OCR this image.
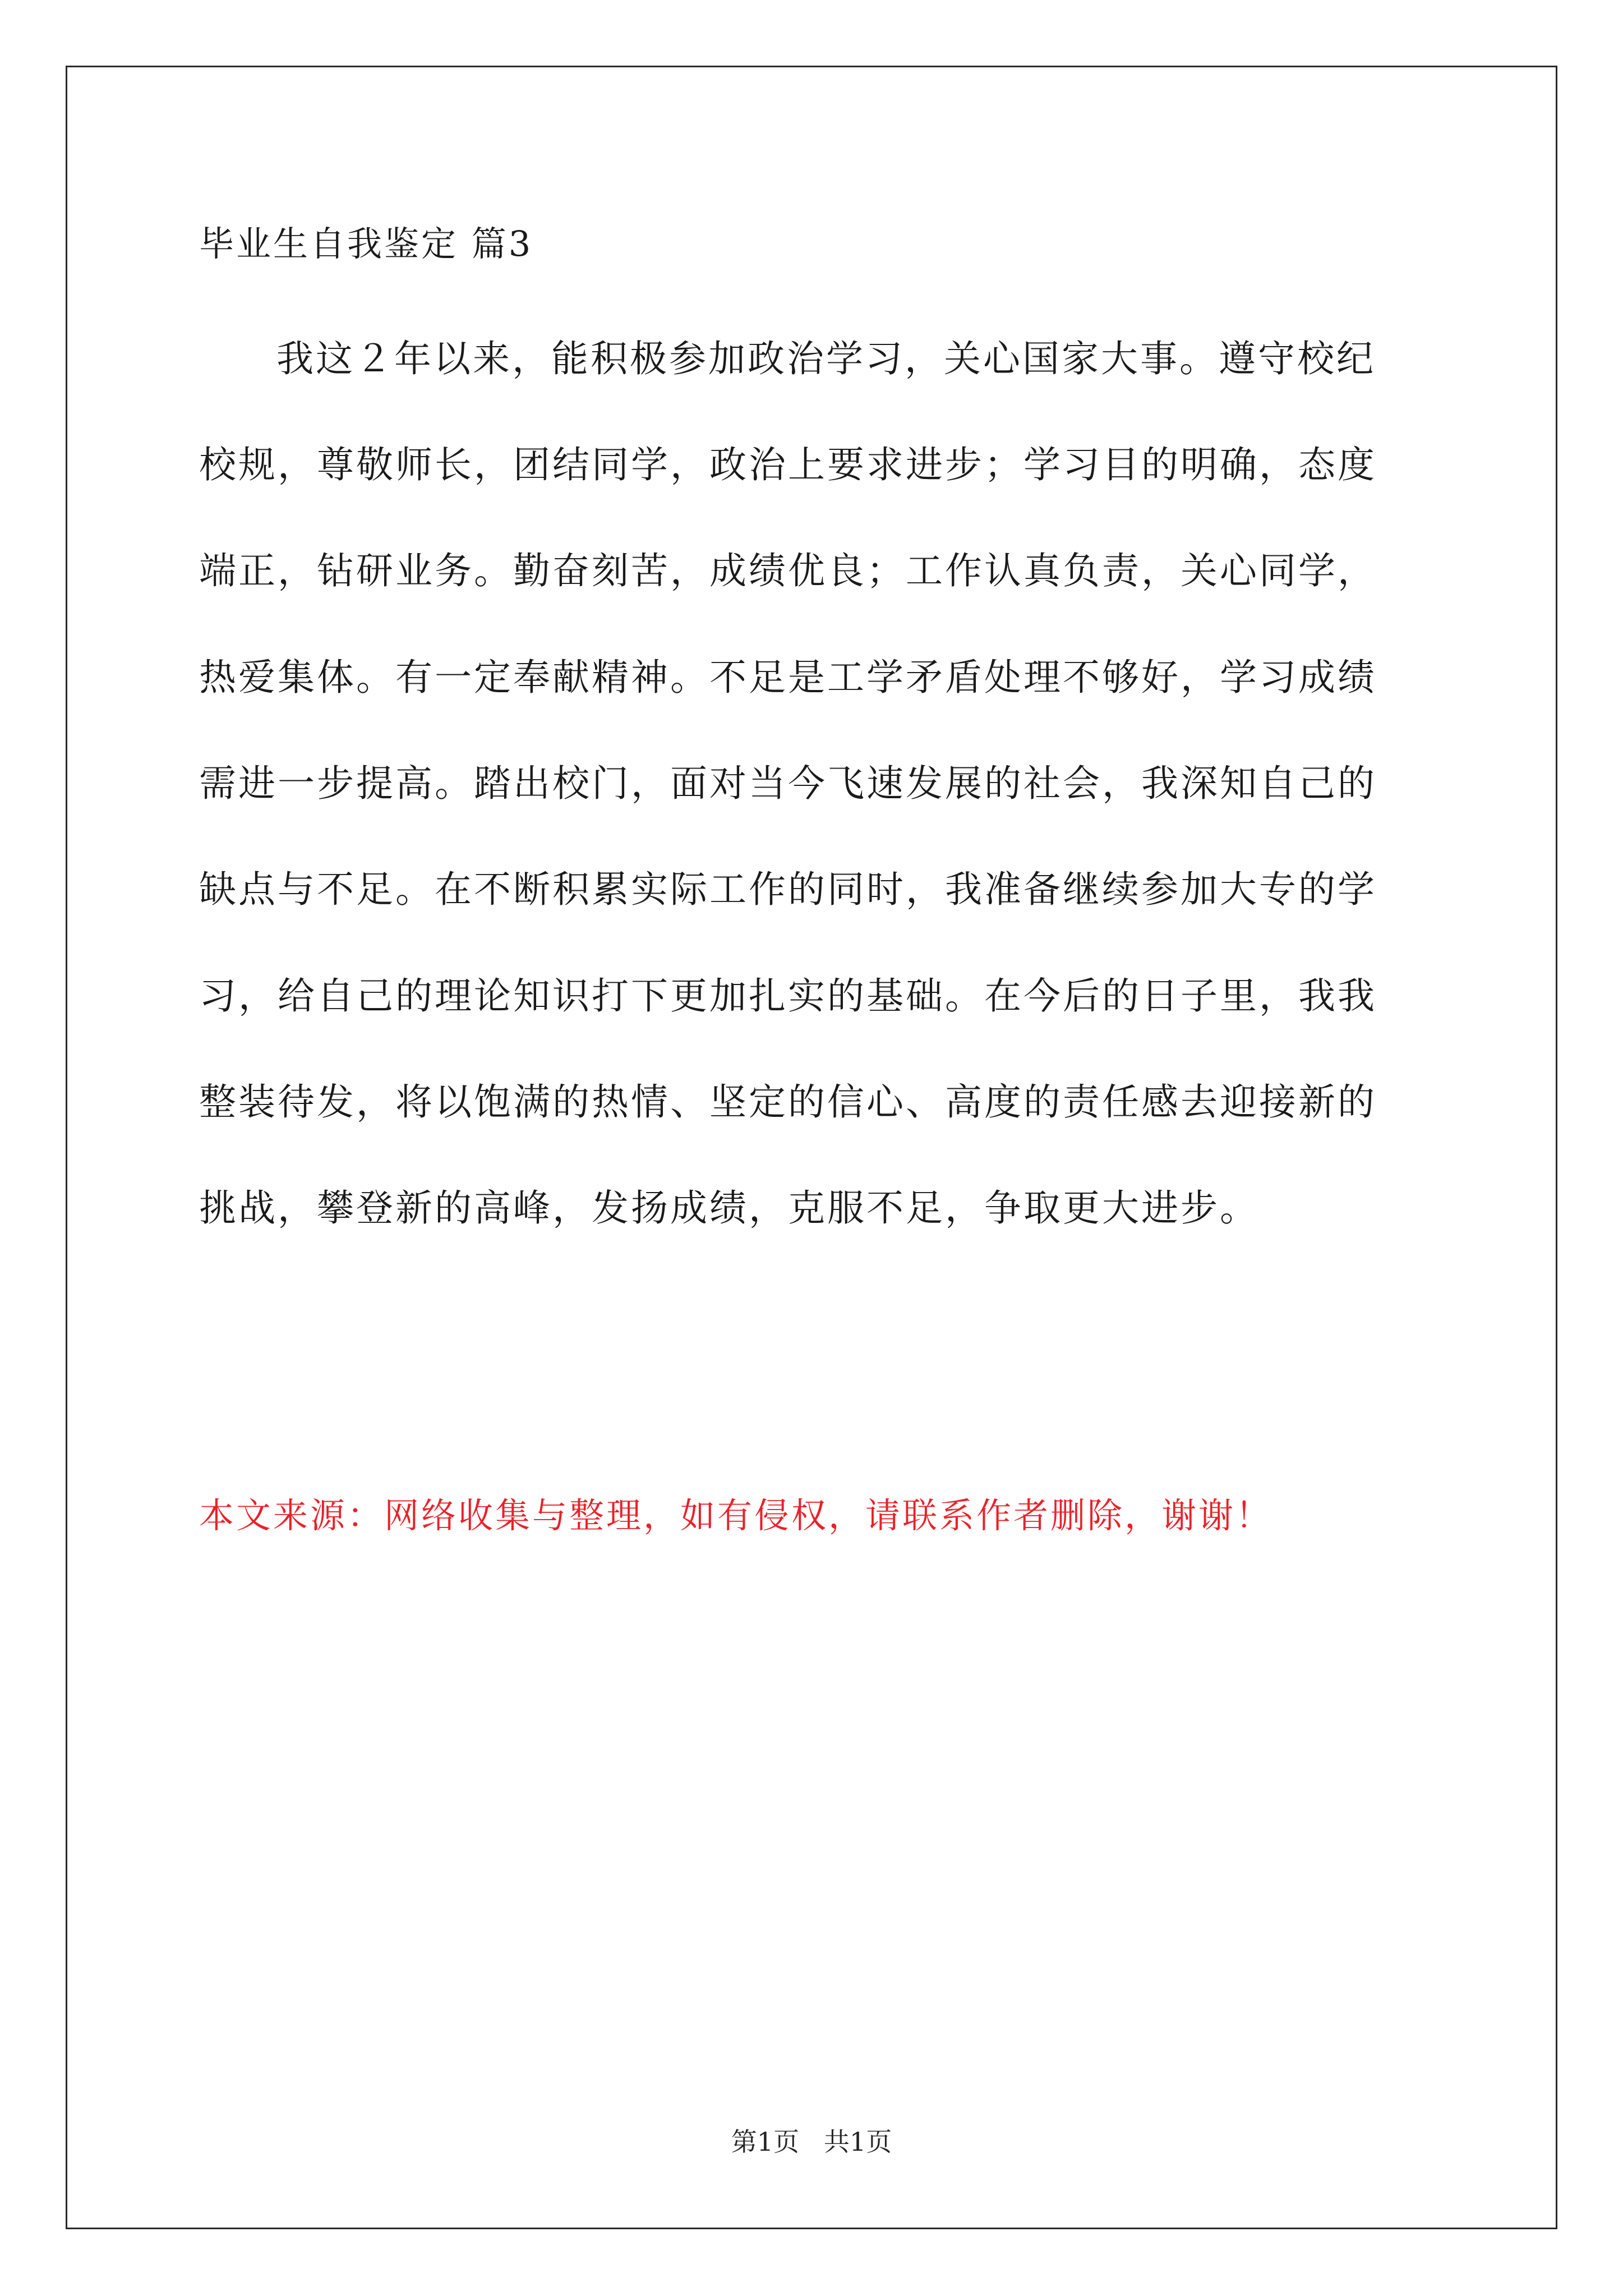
毕业生自我鉴定 篇3
我这２年以来，能积极参加政治学习，关心国家大事。遵守校纪
校规，尊敬师长，团结同学，政治上要求进步；学习目的明确，态度
端正，钻研业务。勤奋刻苦，成绩优良；工作认真负责，关心同学，
热爱集体。有一定奉献精神。不足是工学矛盾处理不够好，学习成绩
需进一步提高。踏出校门，面对当今飞速发展的社会，我深知自己的
缺点与不足。在不断积累实际工作的同时，我准备继续参加大专的学
习，给自己的理论知识打下更加扎实的基础。在今后的日子里，我我
整装待发，将以饱满的热情、坚定的信心、高度的责任感去迎接新的
挑战，攀登新的高峰，发扬成绩，克服不足，争取更大进步。
本文来源：网络收集与整理，如有侵权，请联系作者删除，谢谢！
第1页   共1页
